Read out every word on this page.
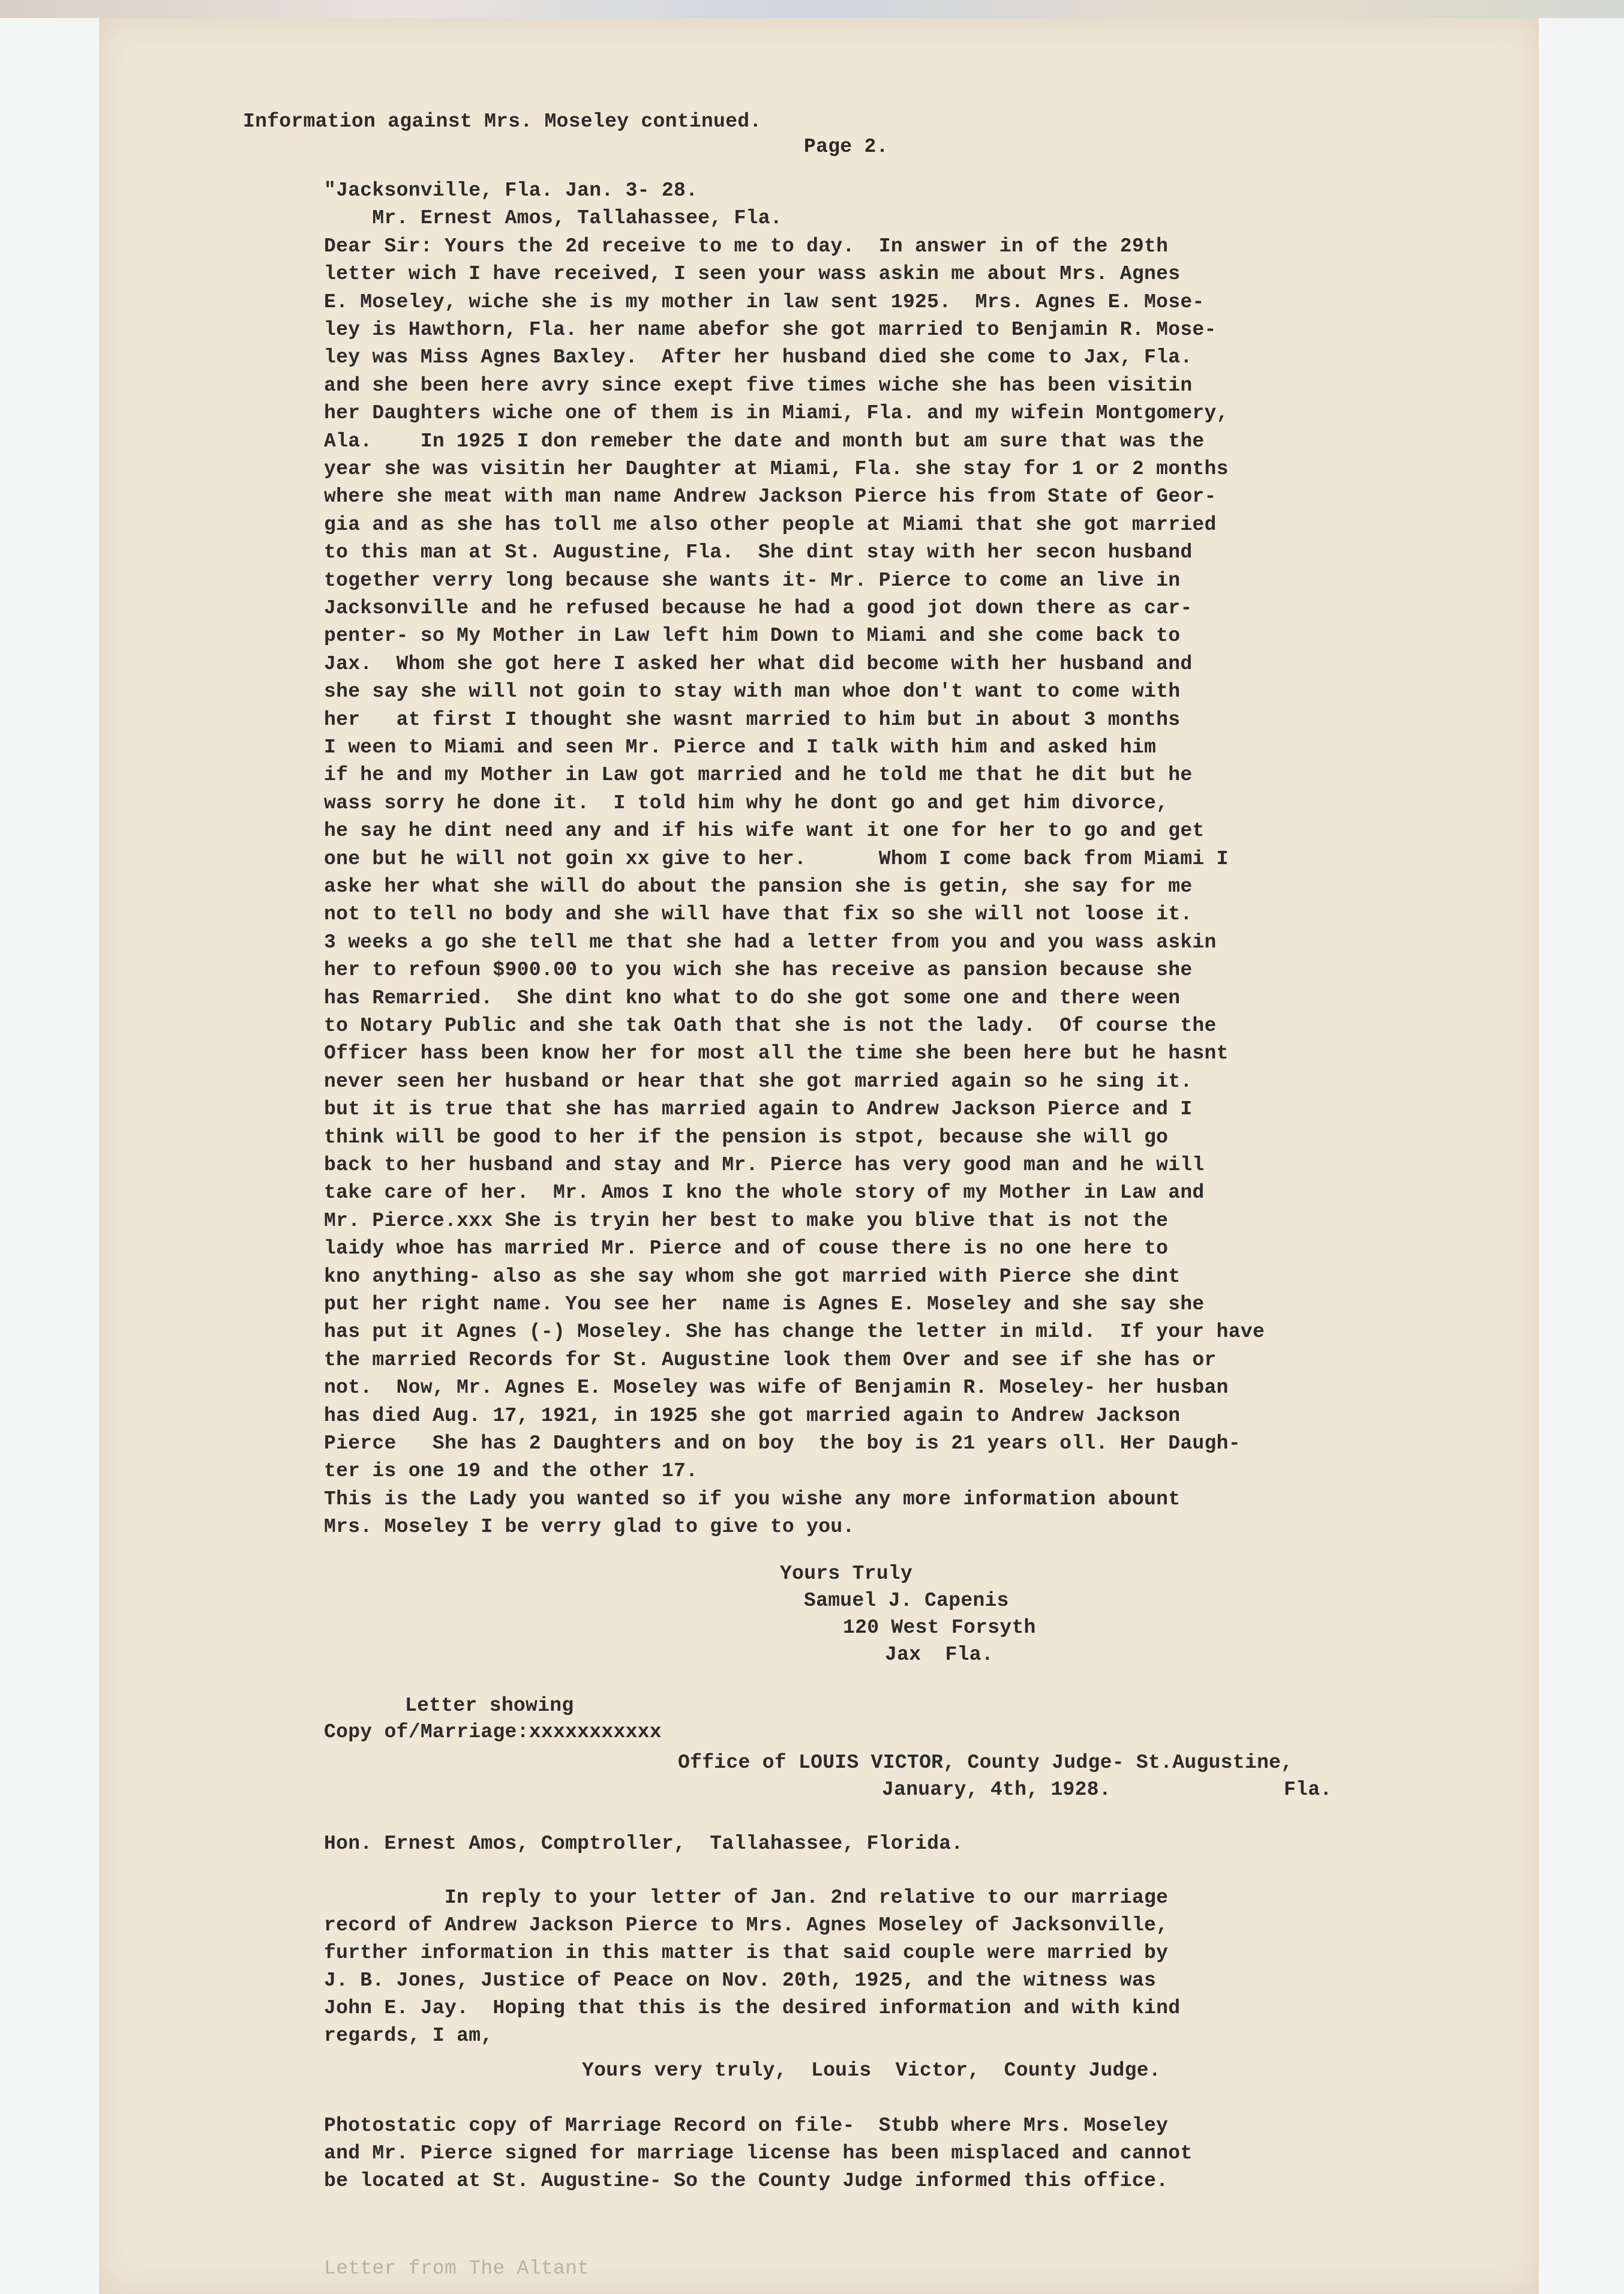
Information against Mrs. Moseley continued.
Page 2.
"Jacksonville, Fla. Jan. 3- 28.
Mr. Ernest Amos, Tallahassee, Fla.
Dear Sir: Yours the 2d receive to me to day.  In answer in of the 29th
letter wich I have received, I seen your wass askin me about Mrs. Agnes
E. Moseley, wiche she is my mother in law sent 1925.  Mrs. Agnes E. Mose-
ley is Hawthorn, Fla. her name abefor she got married to Benjamin R. Mose-
ley was Miss Agnes Baxley.  After her husband died she come to Jax, Fla.
and she been here avry since exept five times wiche she has been visitin
her Daughters wiche one of them is in Miami, Fla. and my wifein Montgomery,
Ala.    In 1925 I don remeber the date and month but am sure that was the
year she was visitin her Daughter at Miami, Fla. she stay for 1 or 2 months
where she meat with man name Andrew Jackson Pierce his from State of Geor-
gia and as she has toll me also other people at Miami that she got married
to this man at St. Augustine, Fla.  She dint stay with her secon husband
together verry long because she wants it- Mr. Pierce to come an live in
Jacksonville and he refused because he had a good jot down there as car-
penter- so My Mother in Law left him Down to Miami and she come back to
Jax.  Whom she got here I asked her what did become with her husband and
she say she will not goin to stay with man whoe don't want to come with
her   at first I thought she wasnt married to him but in about 3 months
I ween to Miami and seen Mr. Pierce and I talk with him and asked him
if he and my Mother in Law got married and he told me that he dit but he
wass sorry he done it.  I told him why he dont go and get him divorce,
he say he dint need any and if his wife want it one for her to go and get
one but he will not goin xx give to her.      Whom I come back from Miami I
aske her what she will do about the pansion she is getin, she say for me
not to tell no body and she will have that fix so she will not loose it.
3 weeks a go she tell me that she had a letter from you and you wass askin
her to refoun $900.00 to you wich she has receive as pansion because she
has Remarried.  She dint kno what to do she got some one and there ween
to Notary Public and she tak Oath that she is not the lady.  Of course the
Officer hass been know her for most all the time she been here but he hasnt
never seen her husband or hear that she got married again so he sing it.
but it is true that she has married again to Andrew Jackson Pierce and I
think will be good to her if the pension is stpot, because she will go
back to her husband and stay and Mr. Pierce has very good man and he will
take care of her.  Mr. Amos I kno the whole story of my Mother in Law and
Mr. Pierce.xxx She is tryin her best to make you blive that is not the
laidy whoe has married Mr. Pierce and of couse there is no one here to
kno anything- also as she say whom she got married with Pierce she dint
put her right name. You see her  name is Agnes E. Moseley and she say she
has put it Agnes (-) Moseley. She has change the letter in mild.  If your have
the married Records for St. Augustine look them Over and see if she has or
not.  Now, Mr. Agnes E. Moseley was wife of Benjamin R. Moseley- her husban
has died Aug. 17, 1921, in 1925 she got married again to Andrew Jackson
Pierce   She has 2 Daughters and on boy  the boy is 21 years oll. Her Daugh-
ter is one 19 and the other 17.
This is the Lady you wanted so if you wishe any more information abount
Mrs. Moseley I be verry glad to give to you.
Yours Truly
Samuel J. Capenis
120 West Forsyth
Jax  Fla.
Letter showing
Copy of/Marriage:xxxxxxxxxxx
Office of LOUIS VICTOR, County Judge- St.Augustine,
January, 4th, 1928.	Fla.
Hon. Ernest Amos, Comptroller,  Tallahassee, Florida.
In reply to your letter of Jan. 2nd relative to our marriage
record of Andrew Jackson Pierce to Mrs. Agnes Moseley of Jacksonville,
further information in this matter is that said couple were married by
J. B. Jones, Justice of Peace on Nov. 20th, 1925, and the witness was
John E. Jay.  Hoping that this is the desired information and with kind
regards, I am,
Yours very truly,  Louis  Victor,  County Judge.
Photostatic copy of Marriage Record on file-  Stubb where Mrs. Moseley
and Mr. Pierce signed for marriage license has been misplaced and cannot
be located at St. Augustine- So the County Judge informed this office.
Letter from The Altant
